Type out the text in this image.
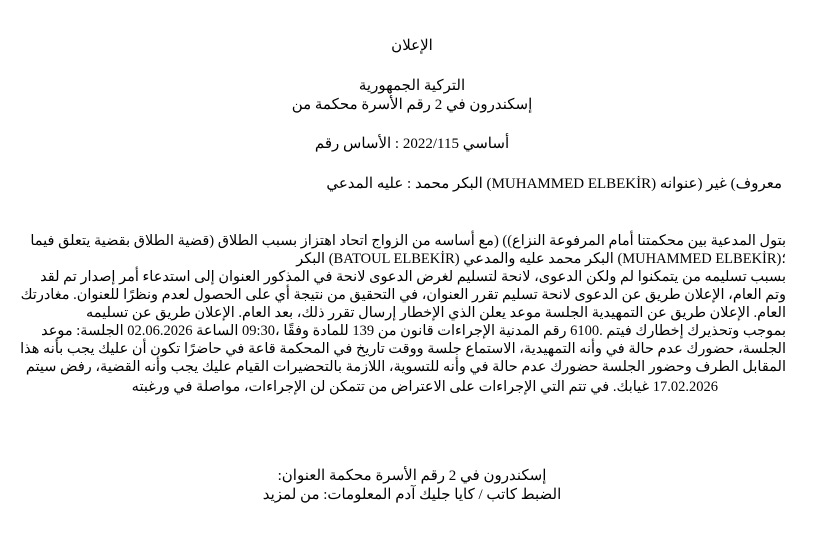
الإعلان
التركية الجمهورية
إسكندرون في 2 رقم الأسرة محكمة من
أساسي 2022/115 : الأساس رقم
معروف) غير (عنوانه (MUHAMMED ELBEKİR) البكر محمد : عليه المدعي
بتول المدعية بين محكمتنا أمام المرفوعة النزاع)) (مع أساسه من الزواج اتحاد اهتزاز بسبب الطلاق (قضية الطلاق بقضية يتعلق فيما
؛(MUHAMMED ELBEKİR) البكر محمد عليه والمدعي (BATOUL ELBEKİR) البكر
بسبب تسليمه من يتمكنوا لم ولكن الدعوى، لانحة لتسليم لغرض الدعوى لانحة في المذكور العنوان إلى استدعاء أمر إصدار تم لقد
وتم العام، الإعلان طريق عن الدعوى لانحة تسليم تقرر العنوان، في التحقيق من نتيجة أي على الحصول لعدم ونظرًا للعنوان. مغادرتك
العام. الإعلان طريق عن التمهيدية الجلسة موعد يعلن الذي الإخطار إرسال تقرر ذلك، بعد العام. الإعلان طريق عن تسليمه
بموجب وتحذيرك إخطارك فيتم .6100 رقم المدنية الإجراءات قانون من 139 للمادة وفقًا ،09:30 الساعة 02.06.2026 الجلسة: موعد
الجلسة، حضورك عدم حالة في وأنه التمهيدية، الاستماع جلسة ووقت تاريخ في المحكمة قاعة في حاضرًا تكون أن عليك يجب بأنه هذا
المقابل الطرف وحضور الجلسة حضورك عدم حالة في وأنه للتسوية، اللازمة بالتحضيرات القيام عليك يجب وأنه القضية، رفض سيتم
17.02.2026 غيابك. في تتم التي الإجراءات على الاعتراض من تتمكن لن الإجراءات، مواصلة في ورغبته
إسكندرون في 2 رقم الأسرة محكمة العنوان:
الضبط كاتب / كايا جليك آدم المعلومات: من لمزيد
